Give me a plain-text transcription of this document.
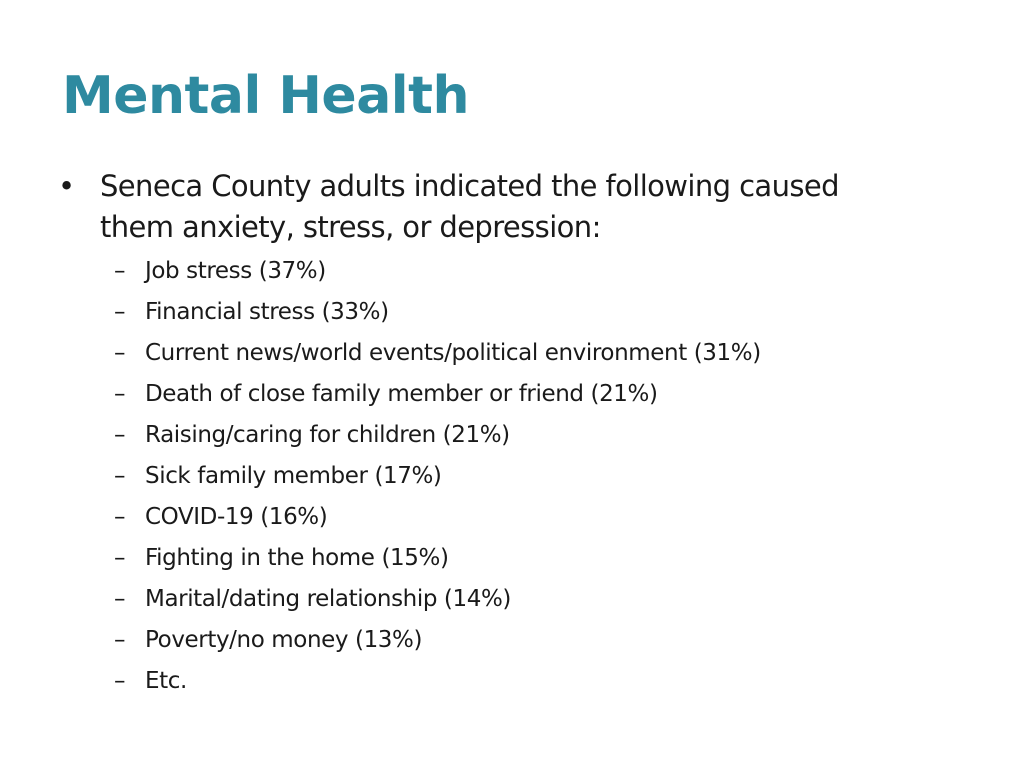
Mental Health
• Seneca County adults indicated the following caused
them anxiety, stress, or depression:
– Job stress (37%)
– Financial stress (33%)
– Current news/world events/political environment (31%)
– Death of close family member or friend (21%)
– Raising/caring for children (21%)
– Sick family member (17%)
– COVID-19 (16%)
– Fighting in the home (15%)
– Marital/dating relationship (14%)
– Poverty/no money (13%)
– Etc.
